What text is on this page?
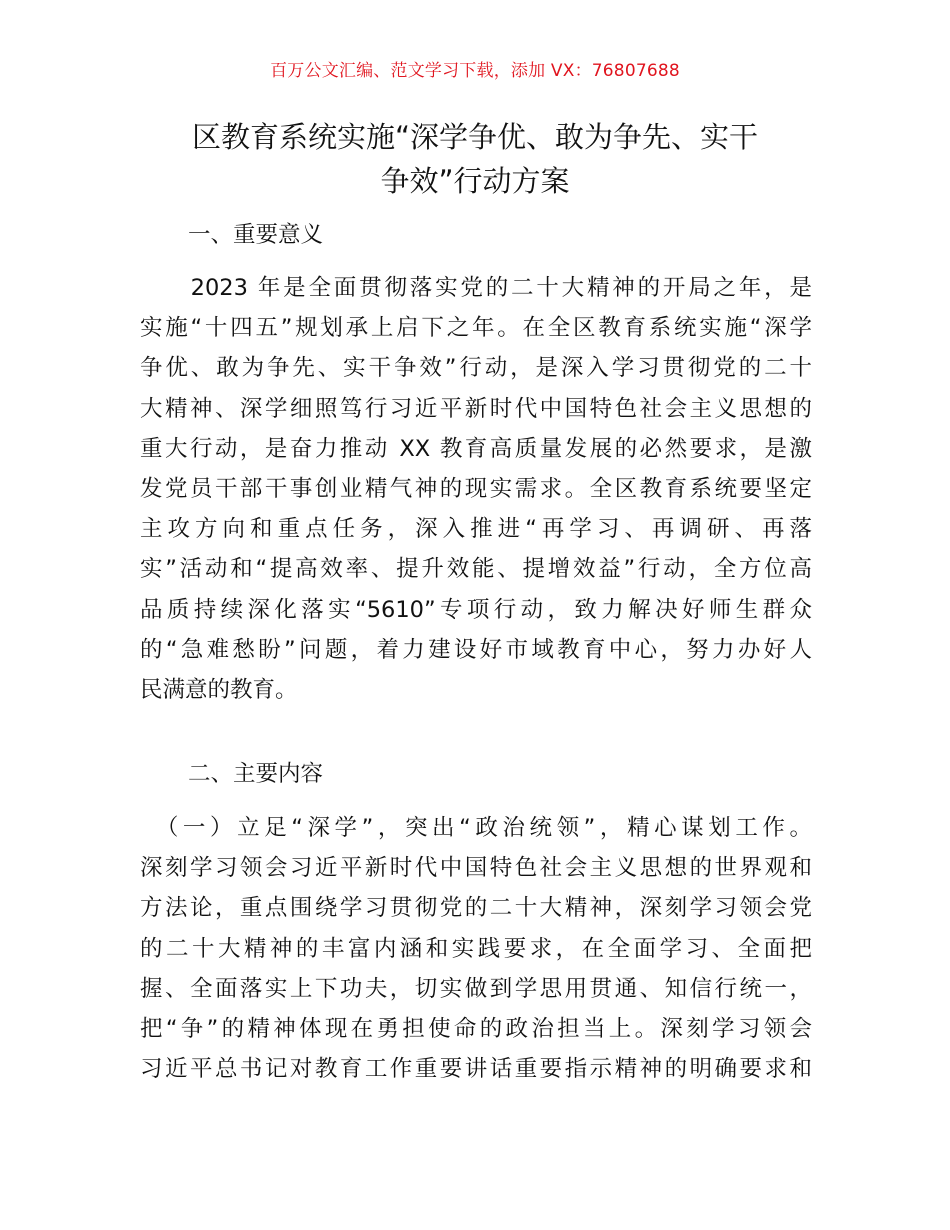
百万公文汇编、范文学习下载，添加 VX：76807688
区教育系统实施“深学争优、敢为争先、实干
争效”行动方案
一、重要意义
　　2023 年是全面贯彻落实党的二十大精神的开局之年，是
实施“十四五”规划承上启下之年。在全区教育系统实施“深学
争优、敢为争先、实干争效”行动，是深入学习贯彻党的二十
大精神、深学细照笃行习近平新时代中国特色社会主义思想的
重大行动，是奋力推动 XX 教育高质量发展的必然要求，是激
发党员干部干事创业精气神的现实需求。全区教育系统要坚定
主攻方向和重点任务，深入推进“再学习、再调研、再落
实”活动和“提高效率、提升效能、提增效益”行动，全方位高
品质持续深化落实“5610”专项行动，致力解决好师生群众
的“急难愁盼”问题，着力建设好市域教育中心，努力办好人
民满意的教育。
二、主要内容
　（一）立足“深学”，突出“政治统领”，精心谋划工作。
深刻学习领会习近平新时代中国特色社会主义思想的世界观和
方法论，重点围绕学习贯彻党的二十大精神，深刻学习领会党
的二十大精神的丰富内涵和实践要求，在全面学习、全面把
握、全面落实上下功夫，切实做到学思用贯通、知信行统一，
把“争”的精神体现在勇担使命的政治担当上。深刻学习领会
习近平总书记对教育工作重要讲话重要指示精神的明确要求和
